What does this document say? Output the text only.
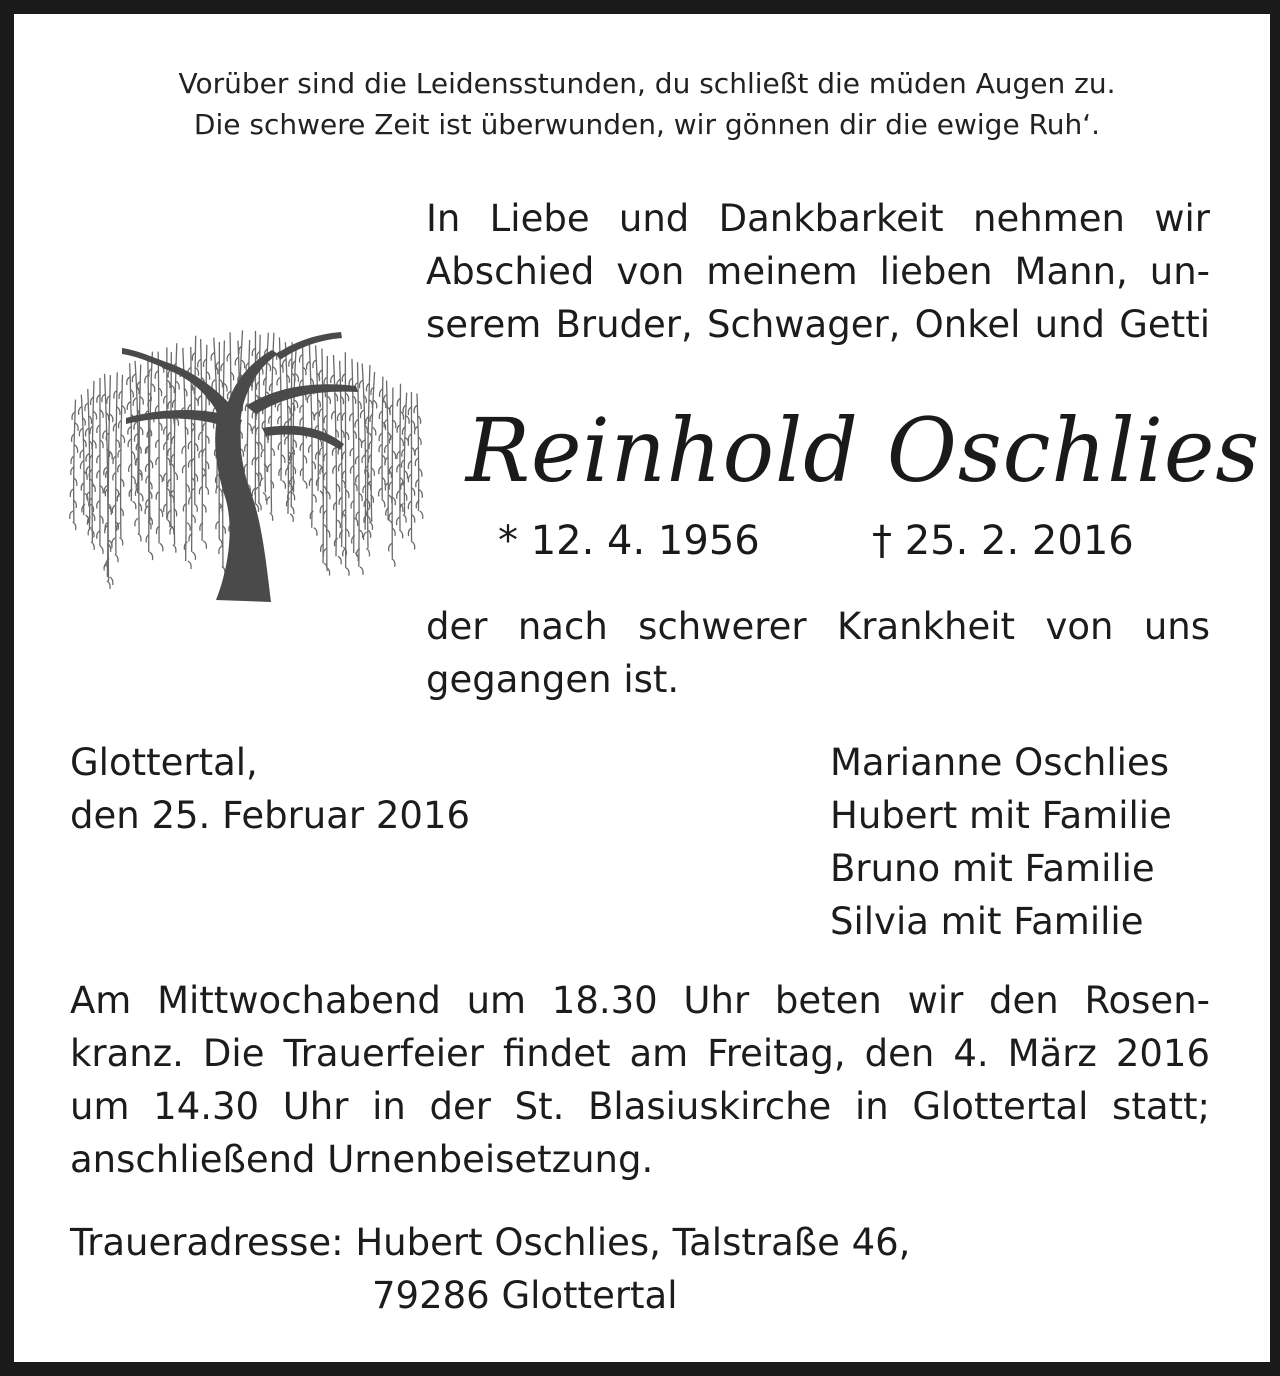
Vorüber sind die Leidensstunden, du schließt die müden Augen zu.
Die schwere Zeit ist überwunden, wir gönnen dir die ewige Ruh‘.
In Liebe und Dankbarkeit nehmen wir
Abschied von meinem lieben Mann, un-
serem Bruder, Schwager, Onkel und Getti
Reinhold Oschlies
* 12. 4. 1956	† 25. 2. 2016
der nach schwerer Krankheit von uns
gegangen ist.
Glottertal,
den 25. Februar 2016
Marianne Oschlies
Hubert mit Familie
Bruno mit Familie
Silvia mit Familie
Am Mittwochabend um 18.30 Uhr beten wir den Rosen-
kranz. Die Trauerfeier findet am Freitag, den 4. März 2016
um 14.30 Uhr in der St. Blasiuskirche in Glottertal statt;
anschließend Urnenbeisetzung.
Traueradresse: Hubert Oschlies, Talstraße 46,
79286 Glottertal
